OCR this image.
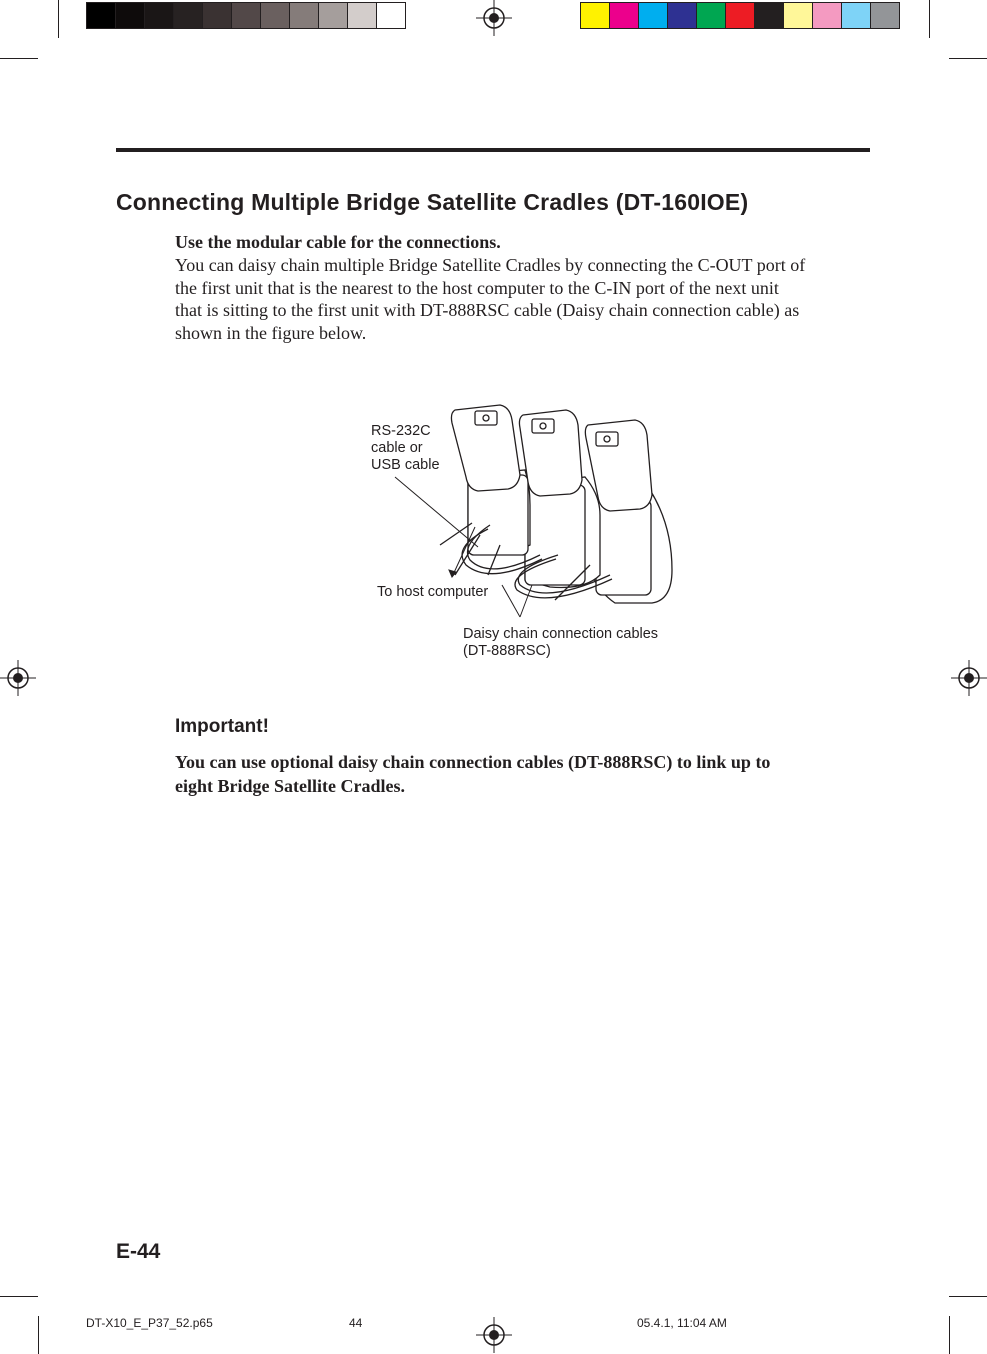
Connecting Multiple Bridge Satellite Cradles (DT-160IOE)
Use the modular cable for the connections.
You can daisy chain multiple Bridge Satellite Cradles by connecting the C-OUT port of
the first unit that is the nearest to the host computer to the C-IN port of the next unit
that is sitting to the first unit with DT-888RSC cable (Daisy chain connection cable) as
shown in the figure below.
RS-232C
cable or
USB cable
To host computer
Daisy chain connection cables
(DT-888RSC)
Important!
You can use optional daisy chain connection cables (DT-888RSC) to link up to
eight Bridge Satellite Cradles.
E-44
DT-X10_E_P37_52.p65	44	05.4.1, 11:04 AM
